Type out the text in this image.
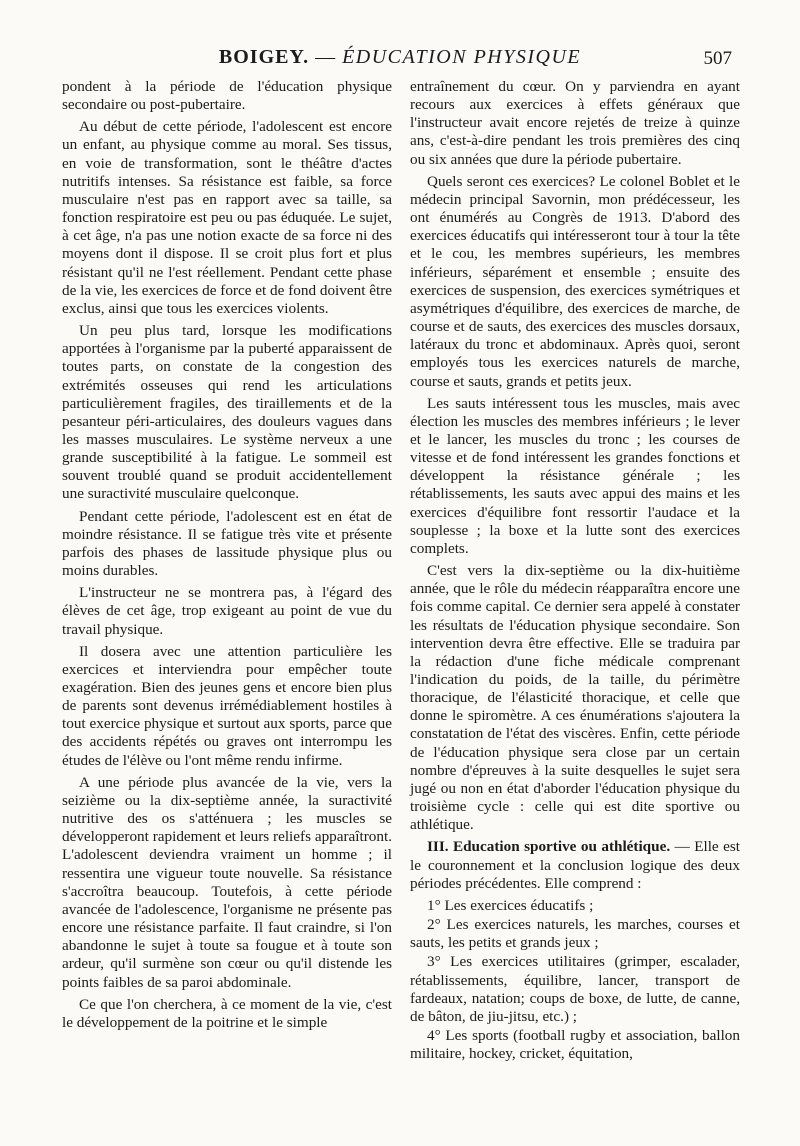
BOIGEY. — ÉDUCATION PHYSIQUE	507

pondent à la période de l'éducation physique secondaire ou post-pubertaire.

Au début de cette période, l'adolescent est encore un enfant, au physique comme au moral. Ses tissus, en voie de transformation, sont le théâtre d'actes nutritifs intenses. Sa résistance est faible, sa force musculaire n'est pas en rapport avec sa taille, sa fonction respiratoire est peu ou pas éduquée. Le sujet, à cet âge, n'a pas une notion exacte de sa force ni des moyens dont il dispose. Il se croit plus fort et plus résistant qu'il ne l'est réellement. Pendant cette phase de la vie, les exercices de force et de fond doivent être exclus, ainsi que tous les exercices violents.

Un peu plus tard, lorsque les modifications apportées à l'organisme par la puberté apparaissent de toutes parts, on constate de la congestion des extrémités osseuses qui rend les articulations particulièrement fragiles, des tiraillements et de la pesanteur péri-articulaires, des douleurs vagues dans les masses musculaires. Le système nerveux a une grande susceptibilité à la fatigue. Le sommeil est souvent troublé quand se produit accidentellement une suractivité musculaire quelconque.

Pendant cette période, l'adolescent est en état de moindre résistance. Il se fatigue très vite et présente parfois des phases de lassitude physique plus ou moins durables.

L'instructeur ne se montrera pas, à l'égard des élèves de cet âge, trop exigeant au point de vue du travail physique.

Il dosera avec une attention particulière les exercices et interviendra pour empêcher toute exagération. Bien des jeunes gens et encore bien plus de parents sont devenus irrémédiablement hostiles à tout exercice physique et surtout aux sports, parce que des accidents répétés ou graves ont interrompu les études de l'élève ou l'ont même rendu infirme.

A une période plus avancée de la vie, vers la seizième ou la dix-septième année, la suractivité nutritive des os s'atténuera ; les muscles se développeront rapidement et leurs reliefs apparaîtront. L'adolescent deviendra vraiment un homme ; il ressentira une vigueur toute nouvelle. Sa résistance s'accroîtra beaucoup. Toutefois, à cette période avancée de l'adolescence, l'organisme ne présente pas encore une résistance parfaite. Il faut craindre, si l'on abandonne le sujet à toute sa fougue et à toute son ardeur, qu'il surmène son cœur ou qu'il distende les points faibles de sa paroi abdominale.

Ce que l'on cherchera, à ce moment de la vie, c'est le développement de la poitrine et le simple

entraînement du cœur. On y parviendra en ayant recours aux exercices à effets généraux que l'instructeur avait encore rejetés de treize à quinze ans, c'est-à-dire pendant les trois premières des cinq ou six années que dure la période pubertaire.

Quels seront ces exercices? Le colonel Boblet et le médecin principal Savornin, mon prédécesseur, les ont énumérés au Congrès de 1913. D'abord des exercices éducatifs qui intéresseront tour à tour la tête et le cou, les membres supérieurs, les membres inférieurs, séparément et ensemble ; ensuite des exercices de suspension, des exercices symétriques et asymétriques d'équilibre, des exercices de marche, de course et de sauts, des exercices des muscles dorsaux, latéraux du tronc et abdominaux. Après quoi, seront employés tous les exercices naturels de marche, course et sauts, grands et petits jeux.

Les sauts intéressent tous les muscles, mais avec élection les muscles des membres inférieurs ; le lever et le lancer, les muscles du tronc ; les courses de vitesse et de fond intéressent les grandes fonctions et développent la résistance générale ; les rétablissements, les sauts avec appui des mains et les exercices d'équilibre font ressortir l'audace et la souplesse ; la boxe et la lutte sont des exercices complets.

C'est vers la dix-septième ou la dix-huitième année, que le rôle du médecin réapparaîtra encore une fois comme capital. Ce dernier sera appelé à constater les résultats de l'éducation physique secondaire. Son intervention devra être effective. Elle se traduira par la rédaction d'une fiche médicale comprenant l'indication du poids, de la taille, du périmètre thoracique, de l'élasticité thoracique, et celle que donne le spiromètre. A ces énumérations s'ajoutera la constatation de l'état des viscères. Enfin, cette période de l'éducation physique sera close par un certain nombre d'épreuves à la suite desquelles le sujet sera jugé ou non en état d'aborder l'éducation physique du troisième cycle : celle qui est dite sportive ou athlétique.

III. Education sportive ou athlétique. — Elle est le couronnement et la conclusion logique des deux périodes précédentes. Elle comprend :

1° Les exercices éducatifs ;

2° Les exercices naturels, les marches, courses et sauts, les petits et grands jeux ;

3° Les exercices utilitaires (grimper, escalader, rétablissements, équilibre, lancer, transport de fardeaux, natation; coups de boxe, de lutte, de canne, de bâton, de jiu-jitsu, etc.) ;

4° Les sports (football rugby et association, ballon militaire, hockey, cricket, équitation,
